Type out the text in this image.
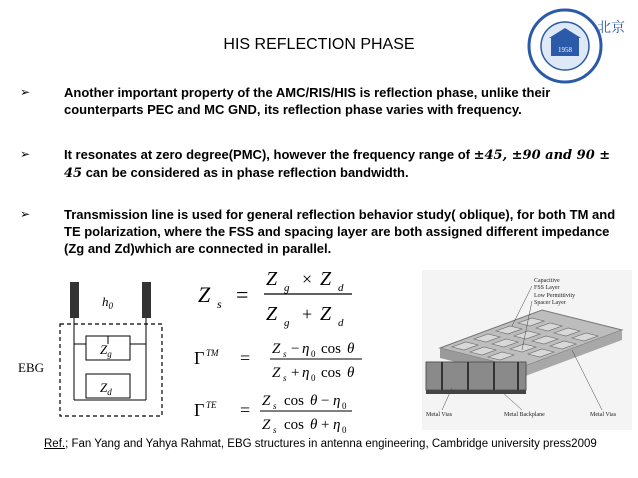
HIS REFLECTION PHASE	1958
北京
➢	Another important property of the AMC/RIS/HIS is reflection phase, unlike their counterparts PEC and MC GND, its reflection phase varies with frequency.
➢	It resonates at zero degree(PMC), however the frequency range of ±45, ±90 and 90 ±
45 can be considered as in phase reflection bandwidth.
➢	Transmission line is used for general reflection behavior study( oblique), for both TM and TE polarization, where the FSS and spacing layer are both assigned different impedance (Zg and Zd)which are connected in parallel.
$h_0$
$Z_g$
$Z_d$
EBG
Z s =
Z g × Z d
Z g + Z d
Γ TM = Z s − η 0 cos θ
Z s + η 0 cos θ
Γ TE = Z s cos θ − η 0
Z s cos θ + η 0
Capacitive
FSS Layer
Low Permittivity
Spacer Layer
Metal Vias	Metal Backplane	Metal Vias
Ref.; Fan Yang and Yahya Rahmat, EBG structures in antenna engineering, Cambridge university press2009
